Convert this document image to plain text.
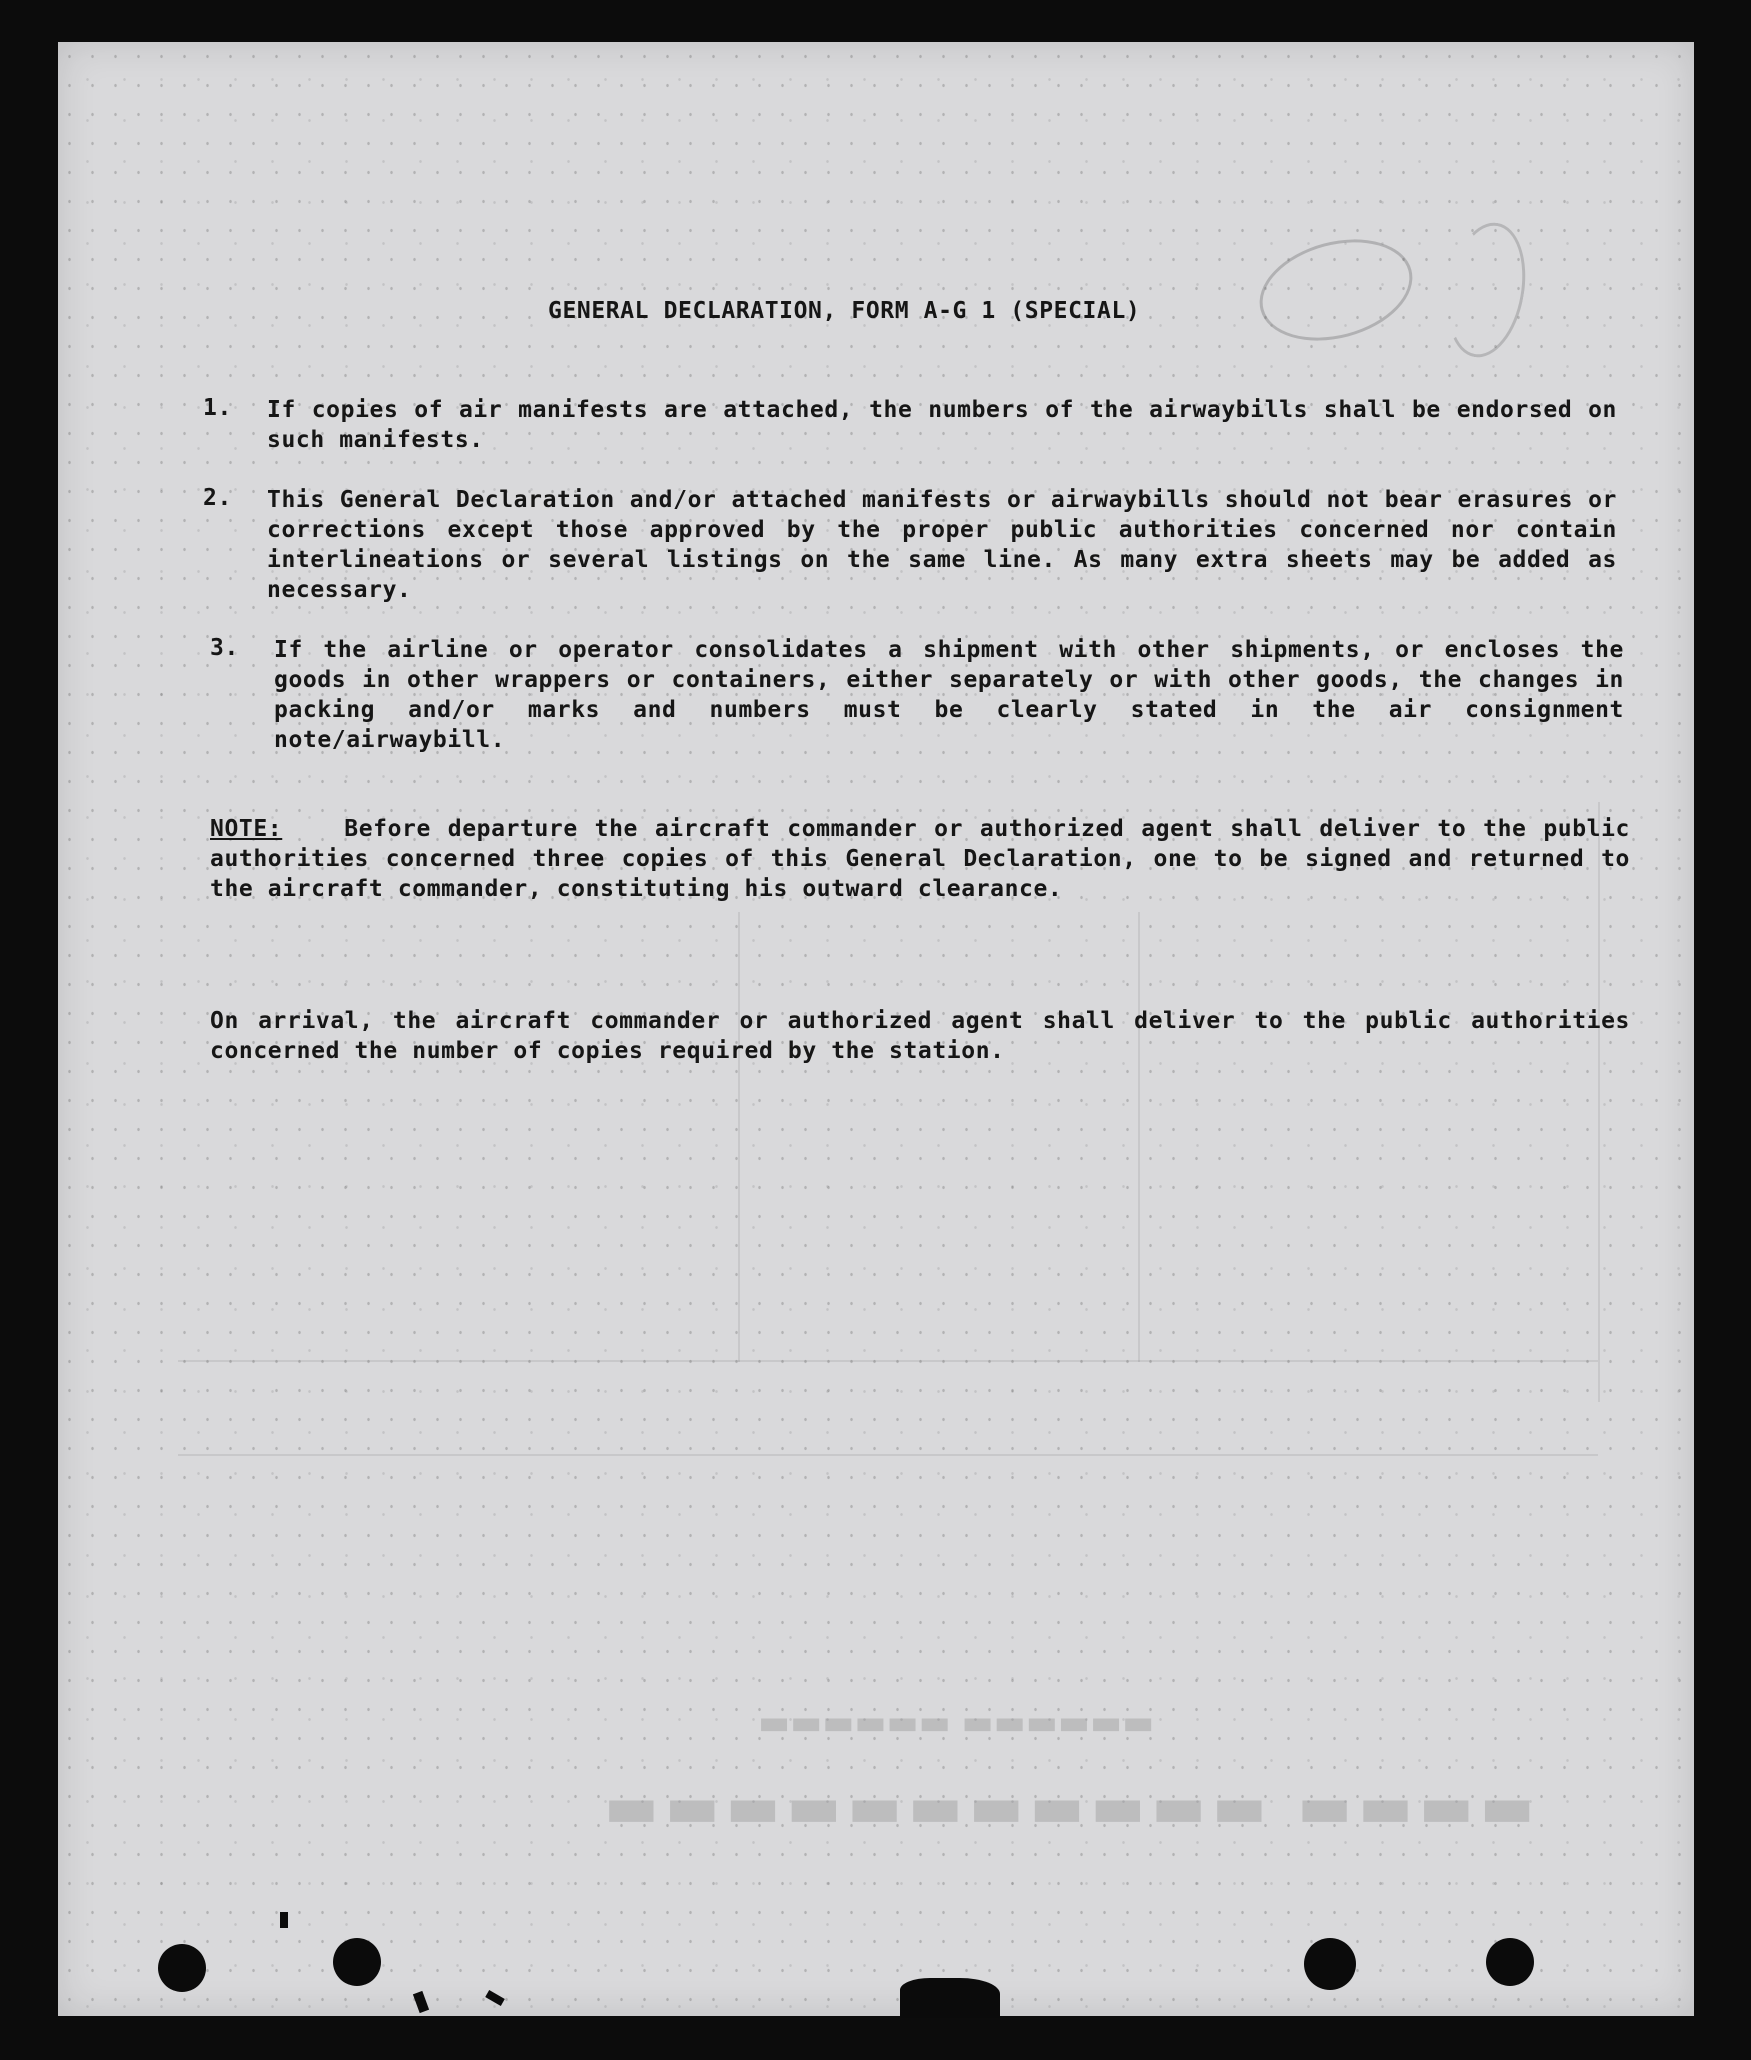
▬▬▬▬ ▬▬▬▬▬▬▬▬▬▬▬
▬▬▬▬▬▬ ▬▬▬▬▬▬
GENERAL DECLARATION, FORM A-G 1 (SPECIAL)
1.	If copies of air manifests are attached, the numbers of the airwaybills shall be endorsed on such manifests.
2.	This General Declaration and/or attached manifests or airwaybills should not bear erasures or corrections except those approved by the proper public authorities concerned nor contain interlineations or several listings on the same line. As many extra sheets may be added as necessary.
3.	If the airline or operator consolidates a shipment with other shipments, or encloses the goods in other wrappers or containers, either separately or with other goods, the changes in packing and/or marks and numbers must be clearly stated in the air consignment note/airwaybill.
NOTE:	Before departure the aircraft commander or authorized agent shall deliver to the public authorities concerned three copies of this General Declaration, one to be signed and returned to the aircraft commander, constituting his outward clearance.
On arrival, the aircraft commander or authorized agent shall deliver to the public authorities concerned the number of copies required by the station.
